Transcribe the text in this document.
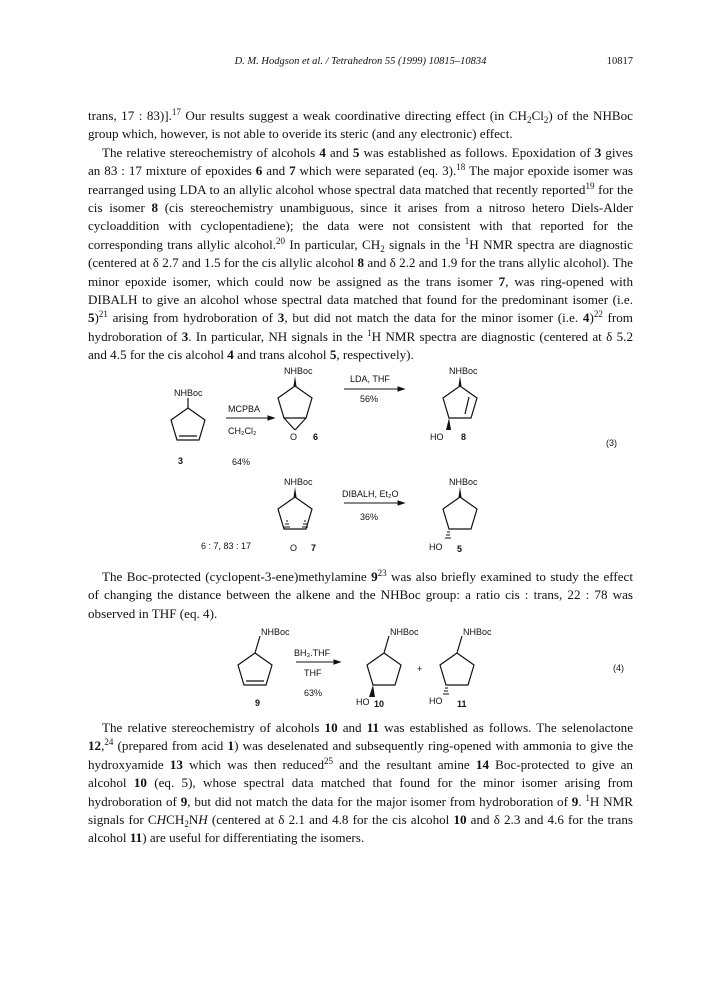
D. M. Hodgson et al. / Tetrahedron 55 (1999) 10815–10834	10817

trans, 17 : 83)].$^{17}$ Our results suggest a weak coordinative directing effect (in $CH_2Cl_2$) of the NHBoc group which, however, is not able to overide its steric (and any electronic) effect.

The relative stereochemistry of alcohols 4 and 5 was established as follows. Epoxidation of 3 gives an 83 : 17 mixture of epoxides 6 and 7 which were separated (eq. 3).$^{18}$ The major epoxide isomer was rearranged using LDA to an allylic alcohol whose spectral data matched that recently reported$^{19}$ for the cis isomer 8 (cis stereochemistry unambiguous, since it arises from a nitroso hetero Diels-Alder cycloaddition with cyclopentadiene); the data were not consistent with that reported for the corresponding trans allylic alcohol.$^{20}$ In particular, $CH_2$ signals in the $^1$H NMR spectra are diagnostic (centered at δ 2.7 and 1.5 for the cis allylic alcohol 8 and δ 2.2 and 1.9 for the trans allylic alcohol). The minor epoxide isomer, which could now be assigned as the trans isomer 7, was ring-opened with DIBALH to give an alcohol whose spectral data matched that found for the predominant isomer (i.e. 5)$^{21}$ arising from hydroboration of 3, but did not match the data for the minor isomer (i.e. 4)$^{22}$ from hydroboration of 3. In particular, NH signals in the $^1$H NMR spectra are diagnostic (centered at δ 5.2 and 4.5 for the cis alcohol 4 and trans alcohol 5, respectively).

NHBoc
3
MCPBA
CH₂Cl₂
64%
NHBoc
O 6
LDA, THF
56%
NHBoc
HO 8
(3)
NHBoc
O 7
6 : 7, 83 : 17
DIBALH, Et₂O
36%
NHBoc
HO 5

The Boc-protected (cyclopent-3-ene)methylamine $9^{23}$ was also briefly examined to study the effect of changing the distance between the alkene and the NHBoc group: a ratio cis : trans, 22 : 78 was observed in THF (eq. 4).

NHBoc
9
BH₃.THF
THF
63%
NHBoc
HO 10
+
NHBoc
HO 11
(4)

The relative stereochemistry of alcohols 10 and 11 was established as follows. The selenolactone 12,24 (prepared from acid 1) was deselenated and subsequently ring-opened with ammonia to give the hydroxyamide 13 which was then reduced$^{25}$ and the resultant amine 14 Boc-protected to give an alcohol 10 (eq. 5), whose spectral data matched that found for the minor isomer arising from hydroboration of 9, but did not match the data for the major isomer from hydroboration of 9. $^1$H NMR signals for $CHCH_2NH$ (centered at δ 2.1 and 4.8 for the cis alcohol 10 and δ 2.3 and 4.6 for the trans alcohol 11) are useful for differentiating the isomers.
